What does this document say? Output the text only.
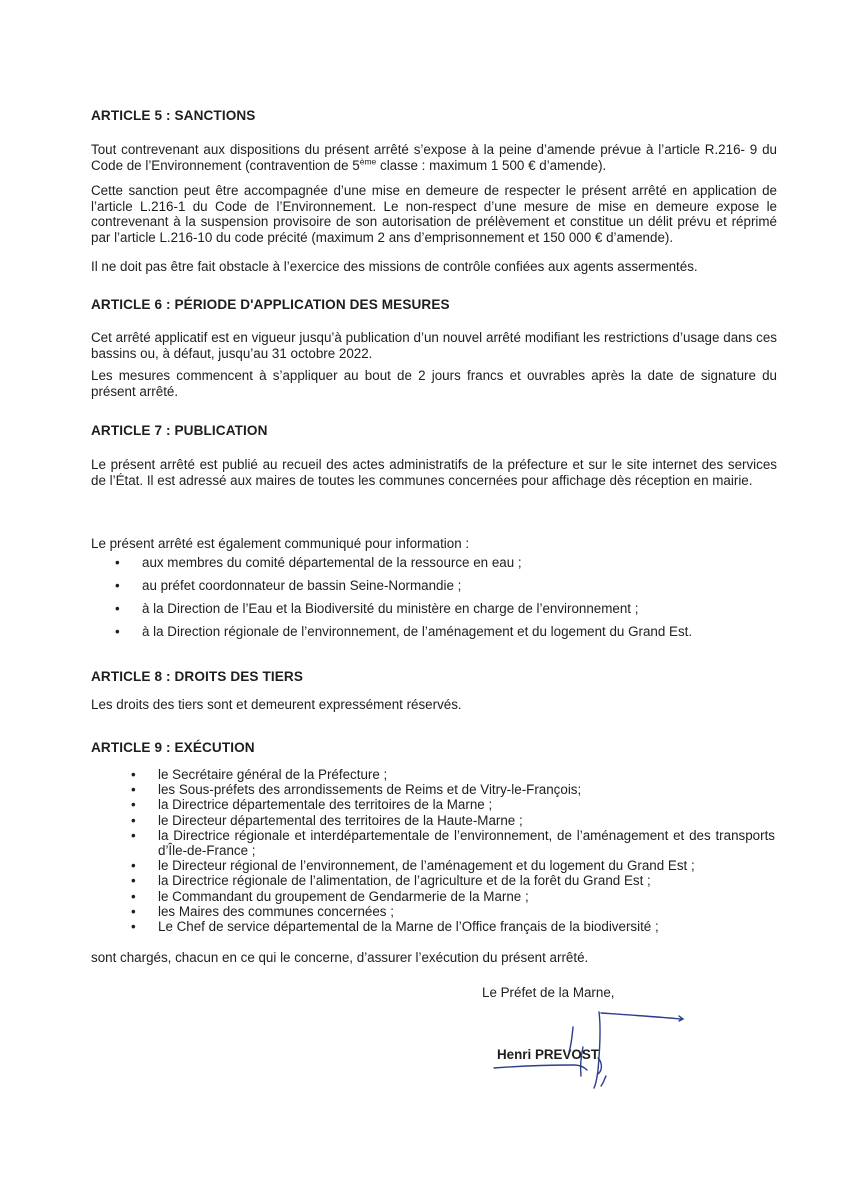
ARTICLE 5 : SANCTIONS
Tout contrevenant aux dispositions du présent arrêté s’expose à la peine d’amende prévue à l’article R.216- 9 du Code de l’Environnement (contravention de 5ème classe : maximum 1 500 € d’amende).
Cette sanction peut être accompagnée d’une mise en demeure de respecter le présent arrêté en application de l’article L.216-1 du Code de l’Environnement. Le non-respect d’une mesure de mise en demeure expose le contrevenant à la suspension provisoire de son autorisation de prélèvement et constitue un délit prévu et réprimé par l’article L.216-10 du code précité (maximum 2 ans d’emprisonnement et 150 000 € d’amende).
Il ne doit pas être fait obstacle à l’exercice des missions de contrôle confiées aux agents assermentés.
ARTICLE 6 : PÉRIODE D'APPLICATION DES MESURES
Cet arrêté applicatif est en vigueur jusqu’à publication d’un nouvel arrêté modifiant les restrictions d’usage dans ces bassins ou, à défaut, jusqu’au 31 octobre 2022.
Les mesures commencent à s’appliquer au bout de 2 jours francs et ouvrables après la date de signature du présent arrêté.
ARTICLE 7 : PUBLICATION
Le présent arrêté est publié au recueil des actes administratifs de la préfecture et sur le site internet des services de l’État. Il est adressé aux maires de toutes les communes concernées pour affichage dès réception en mairie.
Le présent arrêté est également communiqué pour information :
• aux membres du comité départemental de la ressource en eau ;
• au préfet coordonnateur de bassin Seine-Normandie ;
• à la Direction de l’Eau et la Biodiversité du ministère en charge de l’environnement ;
• à la Direction régionale de l’environnement, de l’aménagement et du logement du Grand Est.
ARTICLE 8 : DROITS DES TIERS
Les droits des tiers sont et demeurent expressément réservés.
ARTICLE 9 : EXÉCUTION
• le Secrétaire général de la Préfecture ;
• les Sous-préfets des arrondissements de Reims et de Vitry-le-François;
• la Directrice départementale des territoires de la Marne ;
• le Directeur départemental des territoires de la Haute-Marne ;
• la Directrice régionale et interdépartementale de l’environnement, de l’aménagement et des transports d’Île-de-France ;
• le Directeur régional de l’environnement, de l’aménagement et du logement du Grand Est ;
• la Directrice régionale de l’alimentation, de l’agriculture et de la forêt du Grand Est ;
• le Commandant du groupement de Gendarmerie de la Marne ;
• les Maires des communes concernées ;
• Le Chef de service départemental de la Marne de l’Office français de la biodiversité ;
sont chargés, chacun en ce qui le concerne, d’assurer l’exécution du présent arrêté.
Le Préfet de la Marne,
Henri PREVOST
